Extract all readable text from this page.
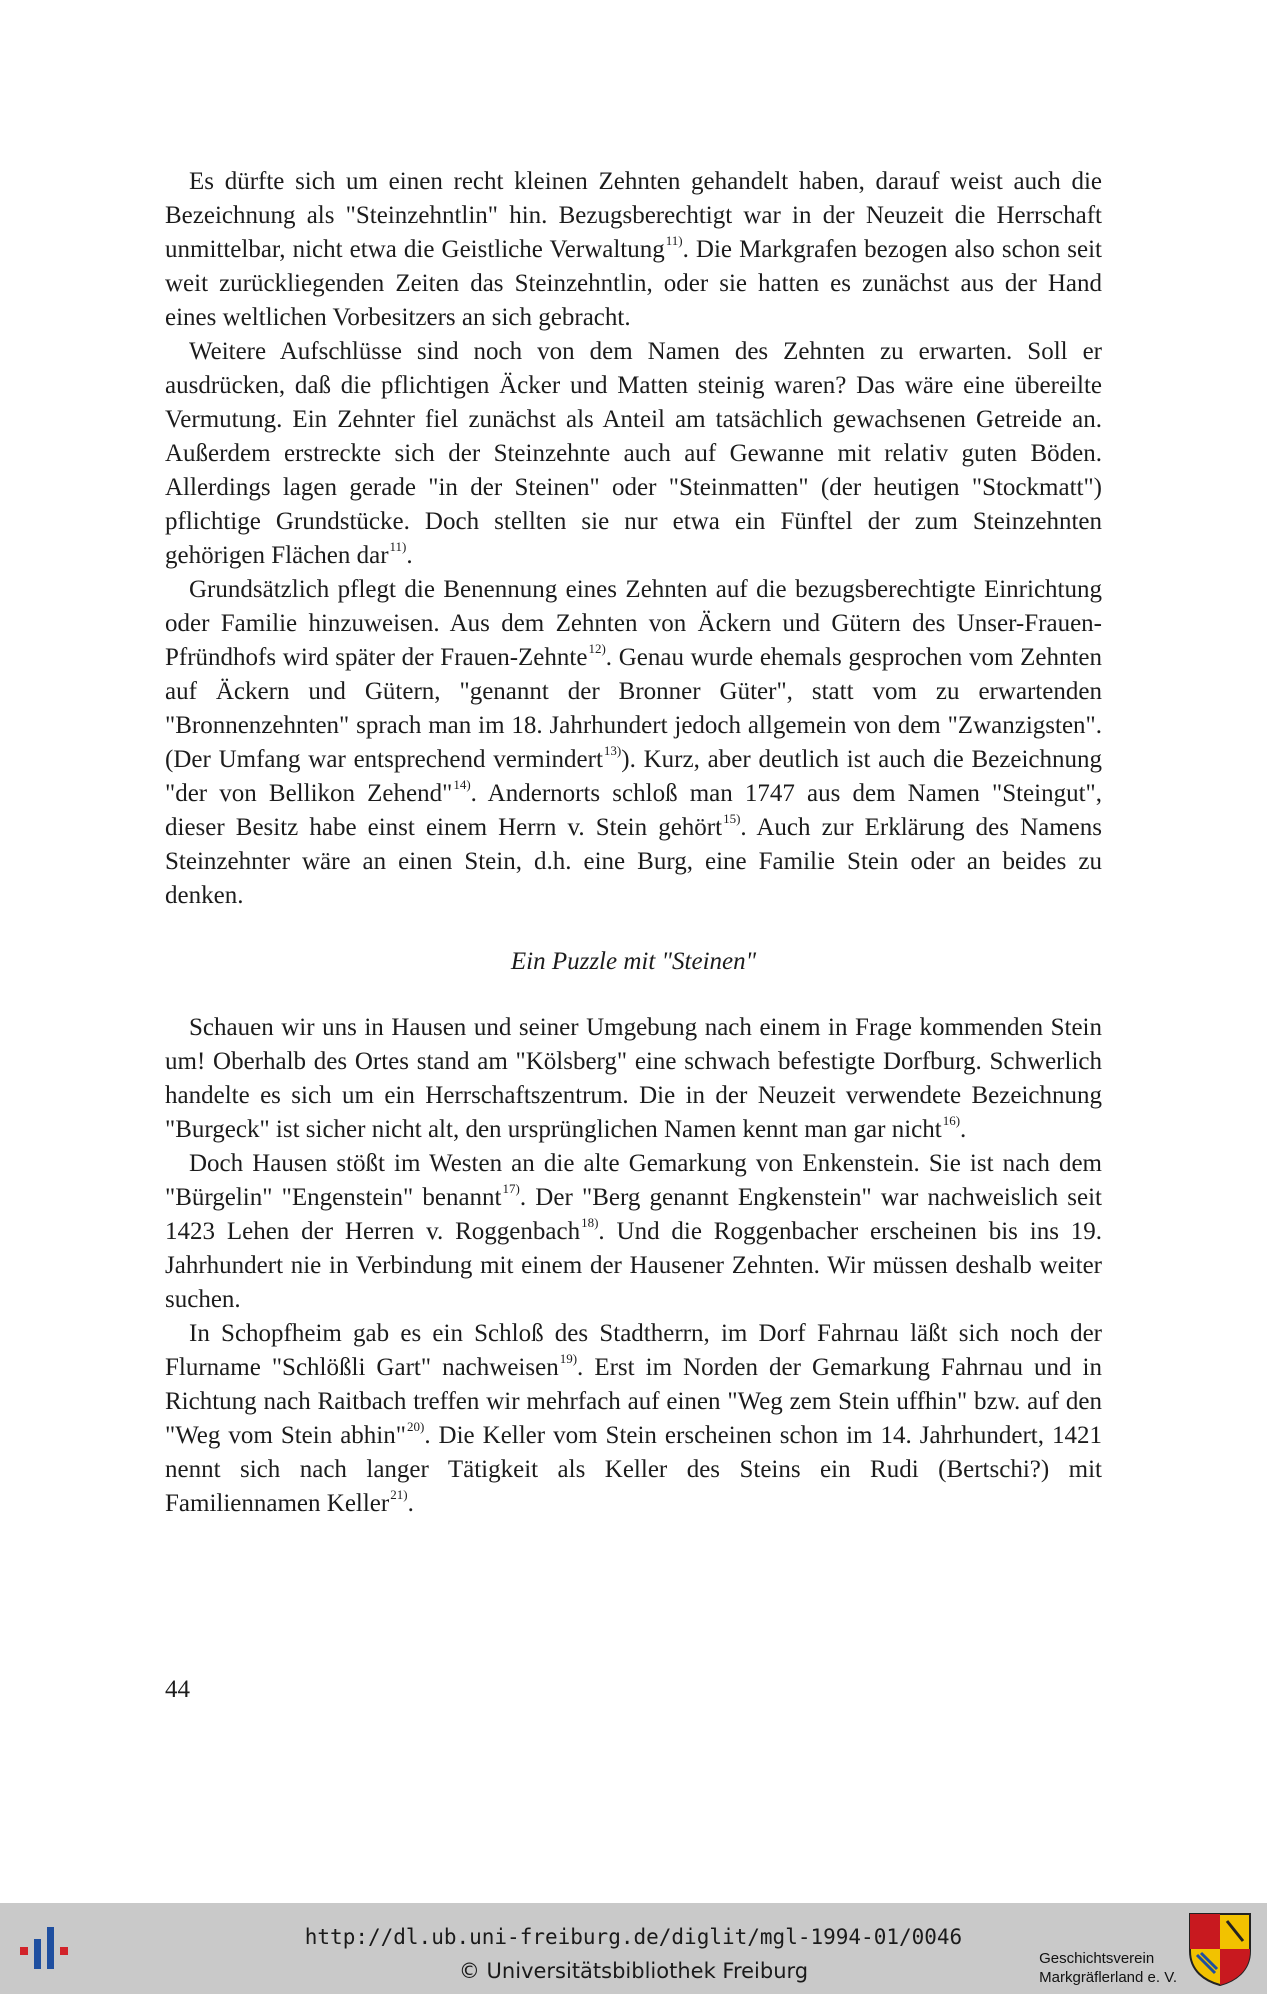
Es dürfte sich um einen recht kleinen Zehnten gehandelt haben, darauf weist auch die Bezeichnung als "Steinzehntlin" hin. Bezugsberechtigt war in der Neuzeit die Herrschaft unmittelbar, nicht etwa die Geistliche Verwaltung$^{11)}$. Die Markgrafen bezogen also schon seit weit zurückliegenden Zeiten das Steinzehntlin, oder sie hatten es zunächst aus der Hand eines weltlichen Vorbesitzers an sich gebracht.

Weitere Aufschlüsse sind noch von dem Namen des Zehnten zu erwarten. Soll er ausdrücken, daß die pflichtigen Äcker und Matten steinig waren? Das wäre eine übereilte Vermutung. Ein Zehnter fiel zunächst als Anteil am tatsächlich gewachsenen Getreide an. Außerdem erstreckte sich der Steinzehnte auch auf Gewanne mit relativ guten Böden. Allerdings lagen gerade "in der Steinen" oder "Steinmatten" (der heutigen "Stockmatt") pflichtige Grundstücke. Doch stellten sie nur etwa ein Fünftel der zum Steinzehnten gehörigen Flächen dar$^{11)}$.

Grundsätzlich pflegt die Benennung eines Zehnten auf die bezugsberechtigte Einrichtung oder Familie hinzuweisen. Aus dem Zehnten von Äckern und Gütern des Unser-Frauen-Pfründhofs wird später der Frauen-Zehnte$^{12)}$. Genau wurde ehemals gesprochen vom Zehnten auf Äckern und Gütern, "genannt der Bronner Güter", statt vom zu erwartenden "Bronnenzehnten" sprach man im 18. Jahrhundert jedoch allgemein von dem "Zwanzigsten". (Der Umfang war entsprechend vermindert$^{13)}$). Kurz, aber deutlich ist auch die Bezeichnung "der von Bellikon Zehend"$^{14)}$. Andernorts schloß man 1747 aus dem Namen "Steingut", dieser Besitz habe einst einem Herrn v. Stein gehört$^{15)}$. Auch zur Erklärung des Namens Steinzehnter wäre an einen Stein, d.h. eine Burg, eine Familie Stein oder an beides zu denken.

Ein Puzzle mit "Steinen"

Schauen wir uns in Hausen und seiner Umgebung nach einem in Frage kommenden Stein um! Oberhalb des Ortes stand am "Kölsberg" eine schwach befestigte Dorfburg. Schwerlich handelte es sich um ein Herrschaftszentrum. Die in der Neuzeit verwendete Bezeichnung "Burgeck" ist sicher nicht alt, den ursprünglichen Namen kennt man gar nicht$^{16)}$.

Doch Hausen stößt im Westen an die alte Gemarkung von Enkenstein. Sie ist nach dem "Bürgelin" "Engenstein" benannt$^{17)}$. Der "Berg genannt Engkenstein" war nachweislich seit 1423 Lehen der Herren v. Roggenbach$^{18)}$. Und die Roggenbacher erscheinen bis ins 19. Jahrhundert nie in Verbindung mit einem der Hausener Zehnten. Wir müssen deshalb weiter suchen.

In Schopfheim gab es ein Schloß des Stadtherrn, im Dorf Fahrnau läßt sich noch der Flurname "Schlößli Gart" nachweisen$^{19)}$. Erst im Norden der Gemarkung Fahrnau und in Richtung nach Raitbach treffen wir mehrfach auf einen "Weg zem Stein uffhin" bzw. auf den "Weg vom Stein abhin"$^{20)}$. Die Keller vom Stein erscheinen schon im 14. Jahrhundert, 1421 nennt sich nach langer Tätigkeit als Keller des Steins ein Rudi (Bertschi?) mit Familiennamen Keller$^{21)}$.

44
http://dl.ub.uni-freiburg.de/diglit/mgl-1994-01/0046
© Universitätsbibliothek Freiburg
Geschichtsverein
Markgräflerland e. V.
